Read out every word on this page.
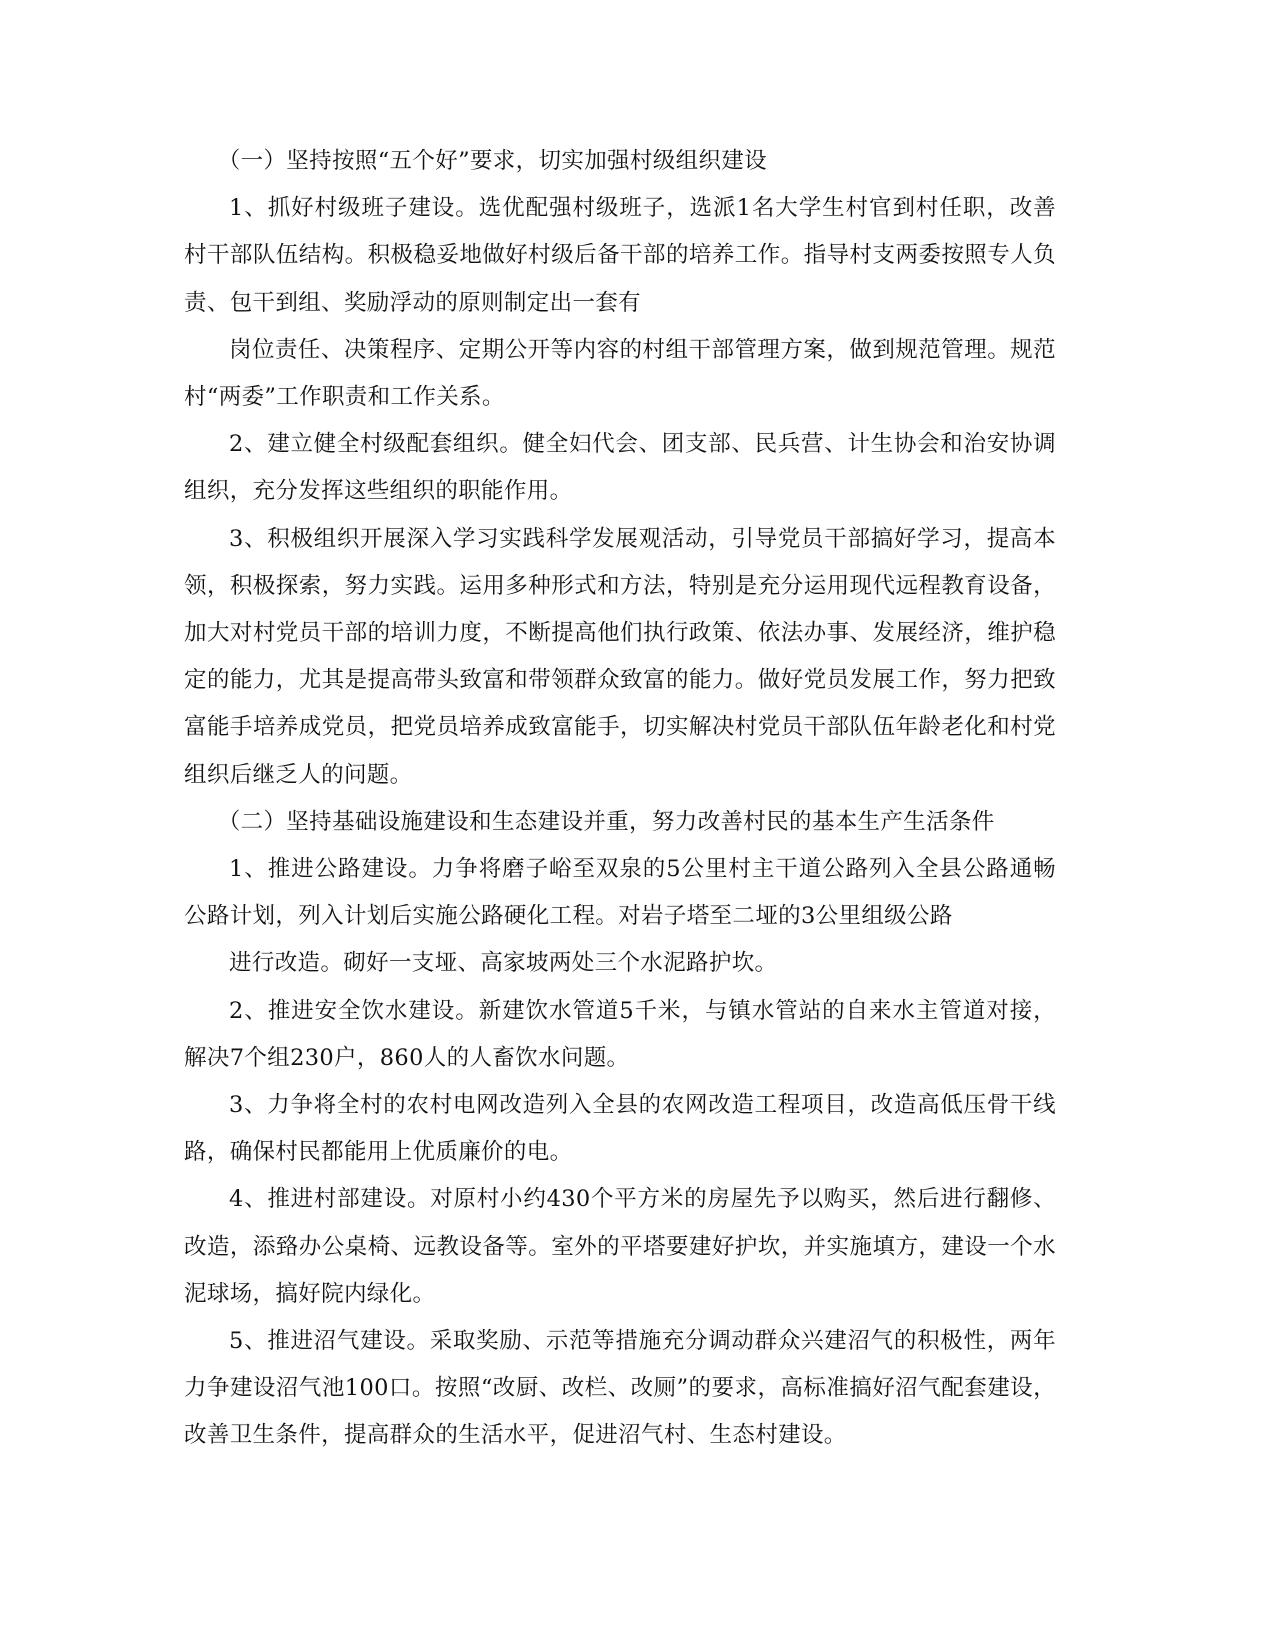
（一）坚持按照“五个好”要求，切实加强村级组织建设

1、抓好村级班子建设。选优配强村级班子，选派1名大学生村官到村任职，改善村干部队伍结构。积极稳妥地做好村级后备干部的培养工作。指导村支两委按照专人负责、包干到组、奖励浮动的原则制定出一套有

岗位责任、决策程序、定期公开等内容的村组干部管理方案，做到规范管理。规范村“两委”工作职责和工作关系。

2、建立健全村级配套组织。健全妇代会、团支部、民兵营、计生协会和治安协调组织，充分发挥这些组织的职能作用。

3、积极组织开展深入学习实践科学发展观活动，引导党员干部搞好学习，提高本领，积极探索，努力实践。运用多种形式和方法，特别是充分运用现代远程教育设备，加大对村党员干部的培训力度，不断提高他们执行政策、依法办事、发展经济，维护稳定的能力，尤其是提高带头致富和带领群众致富的能力。做好党员发展工作，努力把致富能手培养成党员，把党员培养成致富能手，切实解决村党员干部队伍年龄老化和村党组织后继乏人的问题。

（二）坚持基础设施建设和生态建设并重，努力改善村民的基本生产生活条件

1、推进公路建设。力争将磨子峪至双泉的5公里村主干道公路列入全县公路通畅公路计划，列入计划后实施公路硬化工程。对岩子塔至二垭的3公里组级公路

进行改造。砌好一支垭、高家坡两处三个水泥路护坎。

2、推进安全饮水建设。新建饮水管道5千米，与镇水管站的自来水主管道对接，解决7个组230户，860人的人畜饮水问题。

3、力争将全村的农村电网改造列入全县的农网改造工程项目，改造高低压骨干线路，确保村民都能用上优质廉价的电。

4、推进村部建设。对原村小约430个平方米的房屋先予以购买，然后进行翻修、改造，添臵办公桌椅、远教设备等。室外的平塔要建好护坎，并实施填方，建设一个水泥球场，搞好院内绿化。

5、推进沼气建设。采取奖励、示范等措施充分调动群众兴建沼气的积极性，两年力争建设沼气池100口。按照“改厨、改栏、改厕”的要求，高标准搞好沼气配套建设，改善卫生条件，提高群众的生活水平，促进沼气村、生态村建设。
